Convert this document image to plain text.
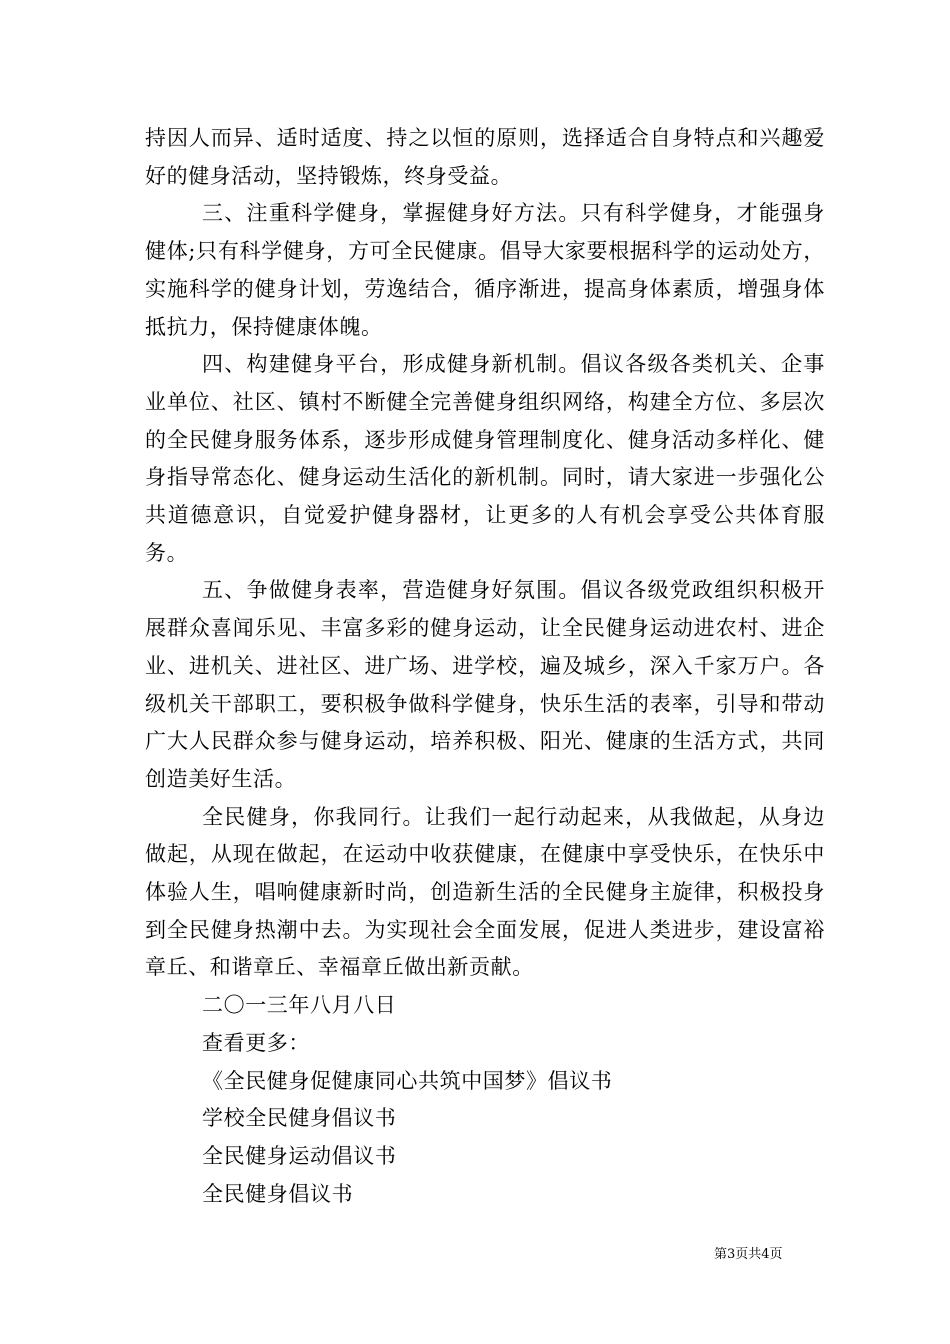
持因人而异、适时适度、持之以恒的原则，选择适合自身特点和兴趣爱好的健身活动，坚持锻炼，终身受益。

三、注重科学健身，掌握健身好方法。只有科学健身，才能强身健体;只有科学健身，方可全民健康。倡导大家要根据科学的运动处方，实施科学的健身计划，劳逸结合，循序渐进，提高身体素质，增强身体抵抗力，保持健康体魄。

四、构建健身平台，形成健身新机制。倡议各级各类机关、企事业单位、社区、镇村不断健全完善健身组织网络，构建全方位、多层次的全民健身服务体系，逐步形成健身管理制度化、健身活动多样化、健身指导常态化、健身运动生活化的新机制。同时，请大家进一步强化公共道德意识，自觉爱护健身器材，让更多的人有机会享受公共体育服务。

五、争做健身表率，营造健身好氛围。倡议各级党政组织积极开展群众喜闻乐见、丰富多彩的健身运动，让全民健身运动进农村、进企业、进机关、进社区、进广场、进学校，遍及城乡，深入千家万户。各级机关干部职工，要积极争做科学健身，快乐生活的表率，引导和带动广大人民群众参与健身运动，培养积极、阳光、健康的生活方式，共同创造美好生活。

全民健身，你我同行。让我们一起行动起来，从我做起，从身边做起，从现在做起，在运动中收获健康，在健康中享受快乐，在快乐中体验人生，唱响健康新时尚，创造新生活的全民健身主旋律，积极投身到全民健身热潮中去。为实现社会全面发展，促进人类进步，建设富裕章丘、和谐章丘、幸福章丘做出新贡献。

二〇一三年八月八日

查看更多：

《全民健身促健康同心共筑中国梦》倡议书

学校全民健身倡议书

全民健身运动倡议书

全民健身倡议书

第3页共4页
